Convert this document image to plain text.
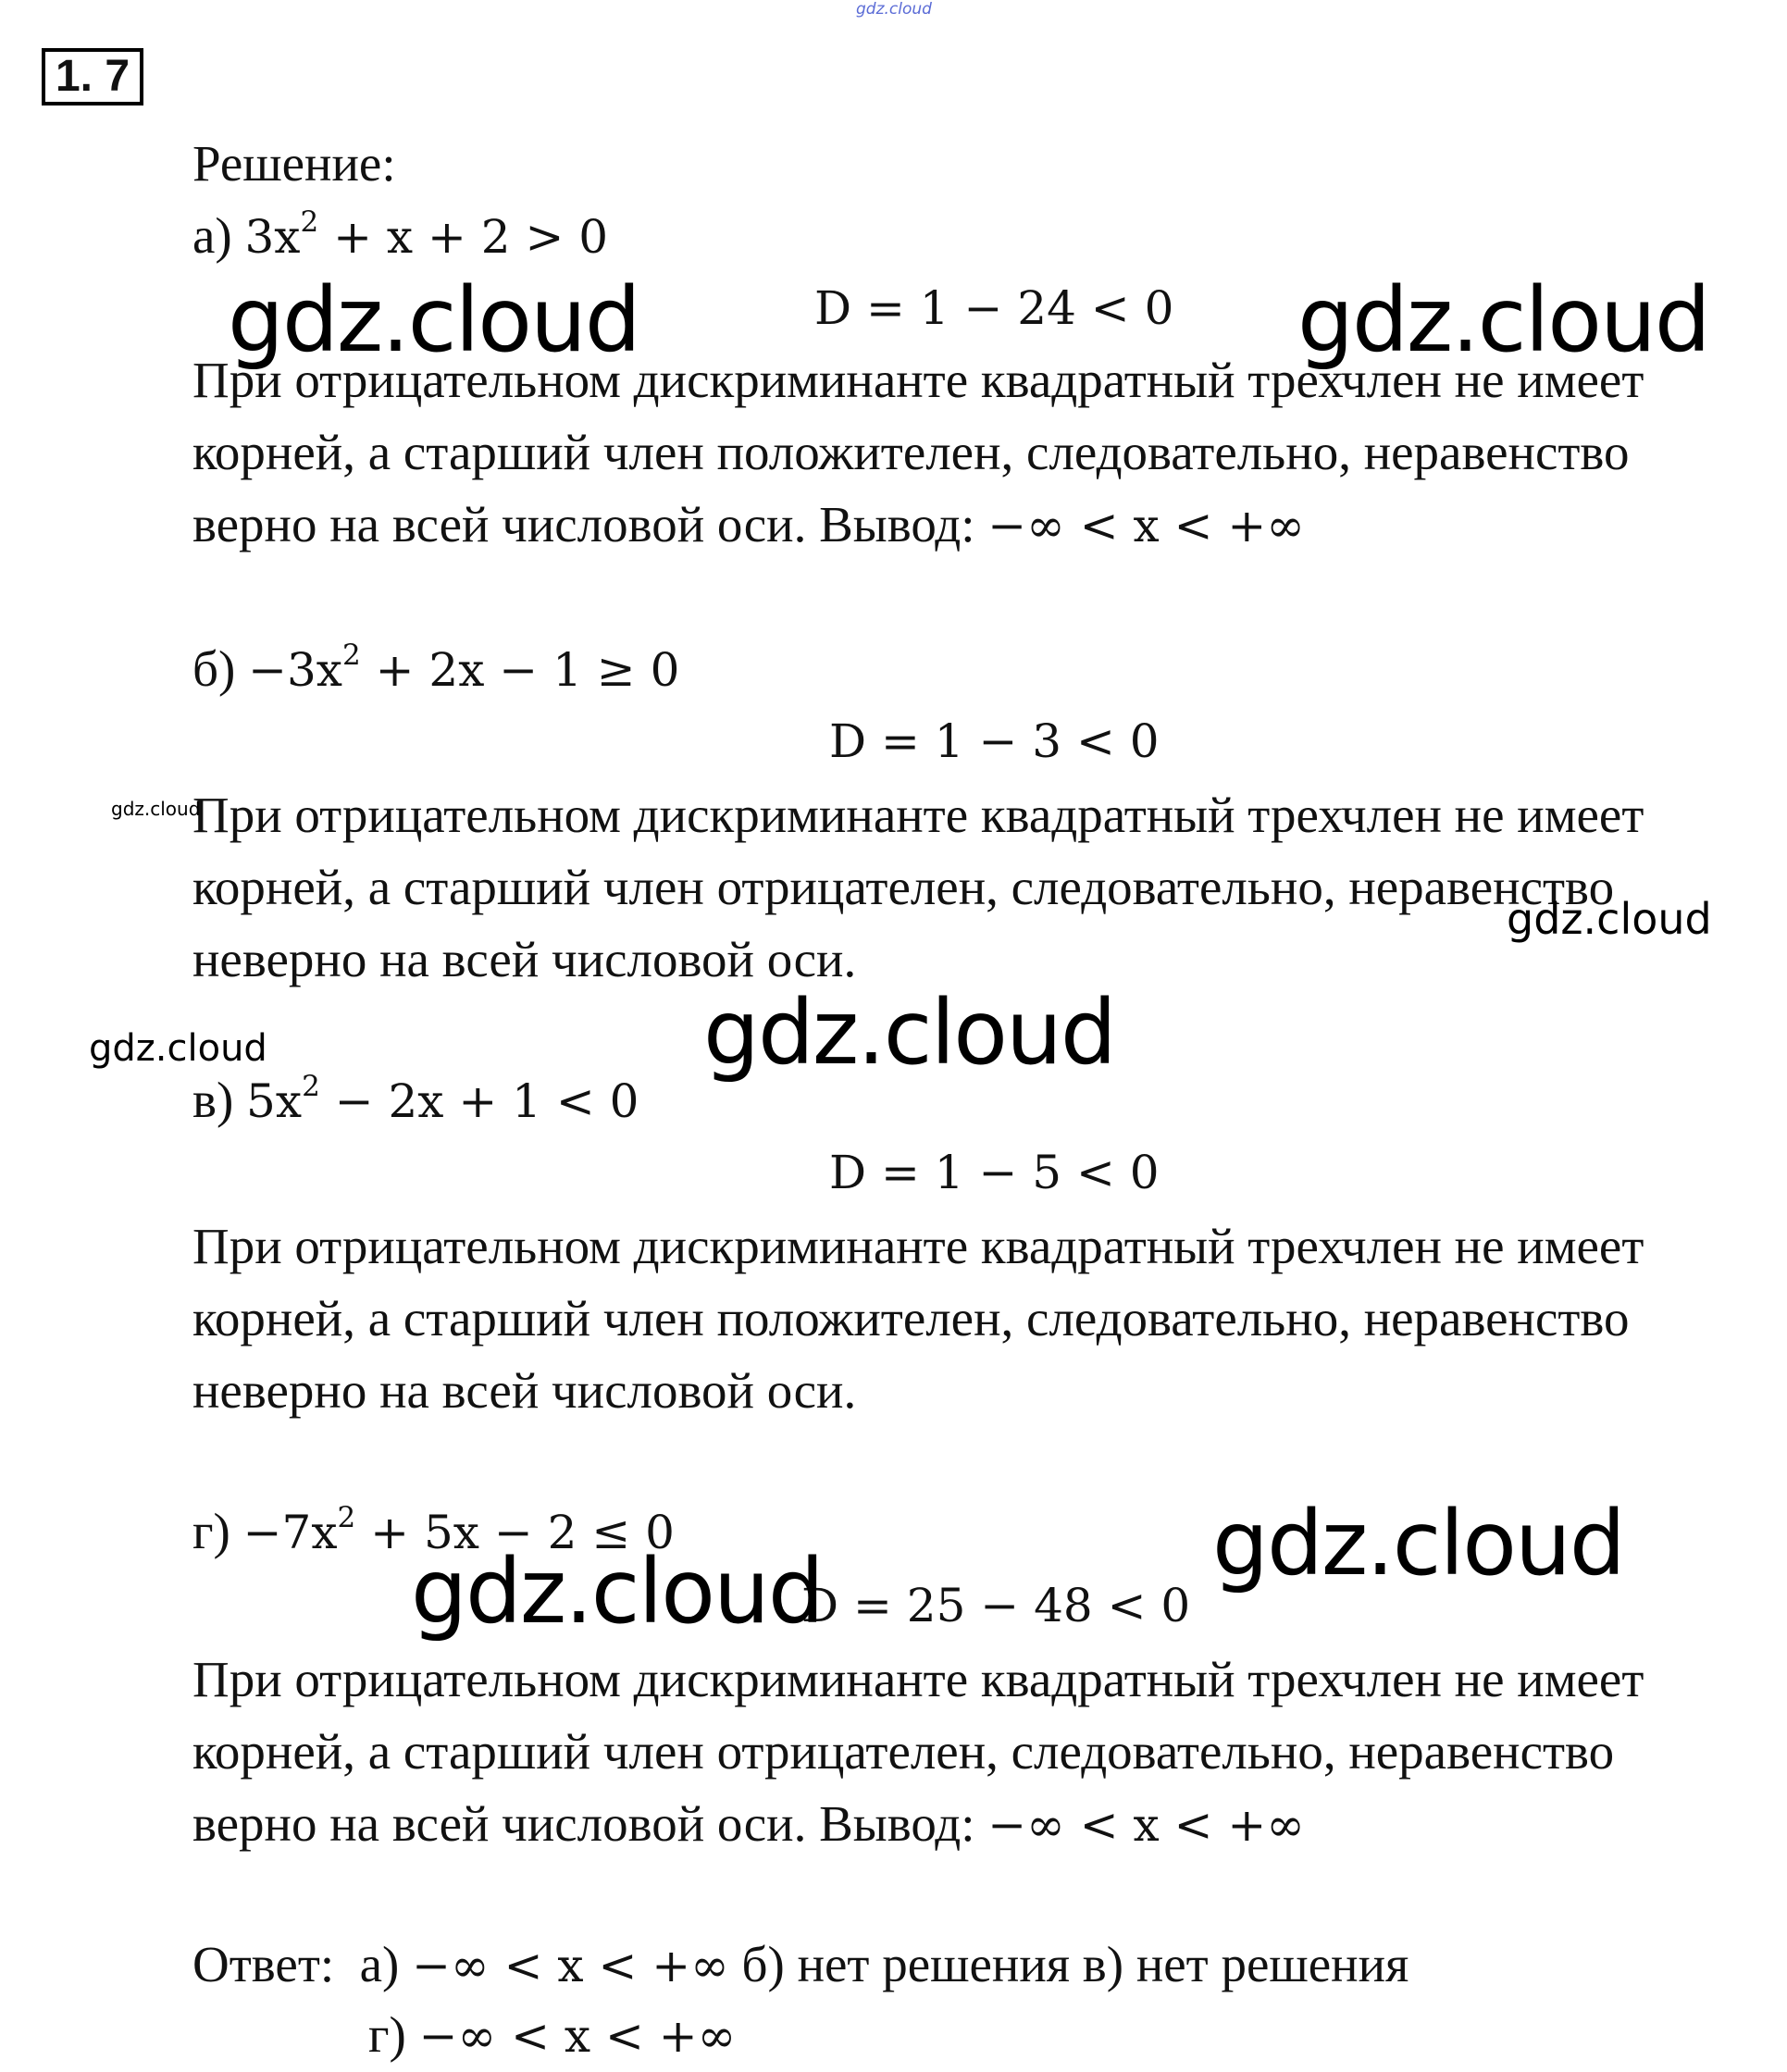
gdz.cloud
1. 7
Решение:
а) $3x^2 + x + 2 > 0$
D = 1 − 24 < 0
При отрицательном дискриминанте квадратный трехчлен не имеет
корней, а старший член положителен, следовательно, неравенство
верно на всей числовой оси. Вывод: −∞ < x < +∞
$б) -3x^2 + 2x - 1 \ge 0$
D = 1 − 3 < 0
При отрицательном дискриминанте квадратный трехчлен не имеет
корней, а старший член отрицателен, следовательно, неравенство
неверно на всей числовой оси.
в) $5x^2 - 2x + 1 < 0$
D = 1 − 5 < 0
При отрицательном дискриминанте квадратный трехчлен не имеет
корней, а старший член положителен, следовательно, неравенство
неверно на всей числовой оси.
$г) -7x^2 + 5x - 2 \le 0$
D = 25 − 48 < 0
При отрицательном дискриминанте квадратный трехчлен не имеет
корней, а старший член отрицателен, следовательно, неравенство
верно на всей числовой оси. Вывод: −∞ < x < +∞
Ответ: а) −∞ < x < +∞ б) нет решения в) нет решения
г) −∞ < x < +∞
gdz.cloud	gdz.cloud
gdz.cloud
gdz.cloud
gdz.cloud
gdz.cloud
gdz.cloud
gdz.cloud
